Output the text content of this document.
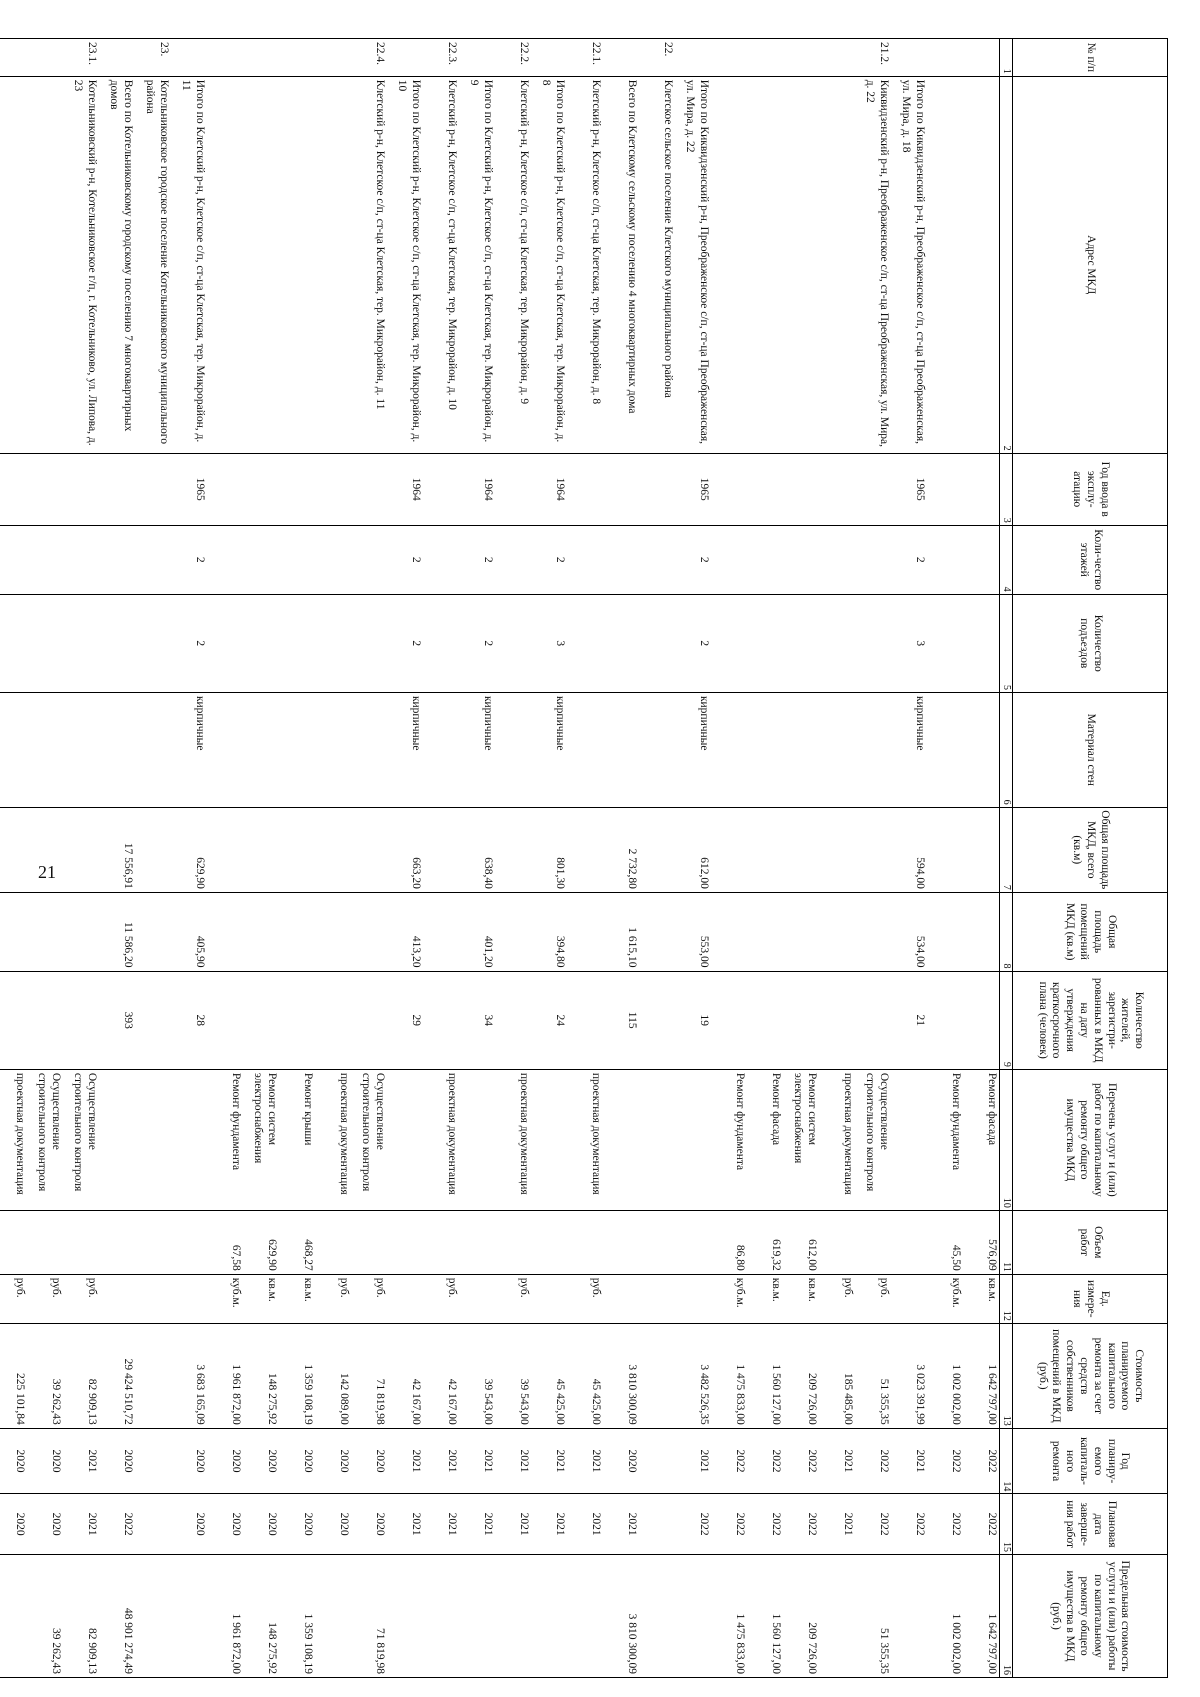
21
№ п/п	Адрес МКД	Год ввода в эксплу-атацию	Коли-чество этажей	Количество подъездов	Материал стен	Общая площадь МКД, всего (кв.м)	Общая площадь помещений МКД (кв.м)	Количество жителей, зарегистри-рованных в МКД на дату утверждения краткосрочного плана (человек)	Перечень услуг и (или) работ по капитальному ремонту общего имущества МКД	Объем работ	Ед. измере-ния	Стоимость планируемого капитального ремонта за счет средств собственников помещений в МКД (руб.)	Год планиру-емого капиталь-ного ремонта	Плановая дата заверше-ния работ	Предельная стоимость услуги и (или) работы по капитальному ремонту общего имущества в МКД (руб.)
1	2	3	4	5	6	7	8	9	10	11	12	13	14	15	16
									Ремонт фасада	576,09	кв.м.	1 642 797,00	2022	2022	1 642 797,00
									Ремонт фундамента	45,50	куб.м.	1 002 002,00	2022	2022	1 002 002,00
	Итого по Киквидзенский р-н, Преображенское с/п, ст-ца Преображенская, ул. Мира, д. 18	1965	2	3	кирпичные	594,00	534,00	21				3 023 391,99	2021	2022	
21.2.	Киквидзенский р-н, Преображенское с/п, ст-ца Преображенская, ул. Мира, д. 22								Осуществление строительного контроля		руб.	51 355,35	2022	2022	51 355,35
									проектная документация		руб.	185 485,00	2021	2021	
									Ремонт систем электроснабжения	612,00	кв.м.	209 726,00	2022	2022	209 726,00
									Ремонт фасада	619,32	кв.м.	1 560 127,00	2022	2022	1 560 127,00
									Ремонт фундамента	86,80	куб.м.	1 475 833,00	2022	2022	1 475 833,00
	Итого по Киквидзенский р-н, Преображенское с/п, ст-ца Преображенская, ул. Мира, д. 22	1965	2	2	кирпичные	612,00	553,00	19				3 482 526,35	2021	2022	
22.	Клетское сельское поселение Клетского муниципального района														
	Всего по Клетскому сельскому поселению 4 многоквартирных дома					2 732,80	1 615,10	115				3 810 300,09	2020	2021	3 810 300,09
22.1.	Клетский р-н, Клетское с/п, ст-ца Клетская, тер. Микрорайон, д. 8								проектная документация		руб.	45 425,00	2021	2021	
	Итого по Клетский р-н, Клетское с/п, ст-ца Клетская, тер. Микрорайон, д. 8	1964	2	3	кирпичные	801,30	394,80	24				45 425,00	2021	2021	
22.2.	Клетский р-н, Клетское с/п, ст-ца Клетская, тер. Микрорайон, д. 9								проектная документация		руб.	39 543,00	2021	2021	
	Итого по Клетский р-н, Клетское с/п, ст-ца Клетская, тер. Микрорайон, д. 9	1964	2	2	кирпичные	638,40	401,20	34				39 543,00	2021	2021	
22.3.	Клетский р-н, Клетское с/п, ст-ца Клетская, тер. Микрорайон, д. 10								проектная документация		руб.	42 167,00	2021	2021	
	Итого по Клетский р-н, Клетское с/п, ст-ца Клетская, тер. Микрорайон, д. 10	1964	2	2	кирпичные	663,20	413,20	29				42 167,00	2021	2021	
22.4.	Клетский р-н, Клетское с/п, ст-ца Клетская, тер. Микрорайон, д. 11								Осуществление строительного контроля		руб.	71 819,98	2020	2020	71 819,98
									проектная документация		руб.	142 089,00	2020	2020	
									Ремонт крыши	468,27	кв.м.	1 359 108,19	2020	2020	1 359 108,19
									Ремонт систем электроснабжения	629,90	кв.м.	148 275,92	2020	2020	148 275,92
									Ремонт фундамента	67,58	куб.м.	1 961 872,00	2020	2020	1 961 872,00
	Итого по Клетский р-н, Клетское с/п, ст-ца Клетская, тер. Микрорайон, д. 11	1965	2	2	кирпичные	629,90	405,90	28				3 683 165,09	2020	2020	
23.	Котельниковское городское поселение Котельниковского муниципального района														
	Всего по Котельниковскому городскому поселению 7 многоквартирных домов					17 556,91	11 586,20	393				29 424 510,72	2020	2022	48 901 274,49
23.1.	Котельниковский р-н, Котельниковское г/п, г. Котельниково, ул. Липова, д. 23								Осуществление строительного контроля		руб.	82 909,13	2021	2021	82 909,13
									Осуществление строительного контроля		руб.	39 262,43	2020	2020	39 262,43
									проектная документация		руб.	225 101,84	2020	2020	
